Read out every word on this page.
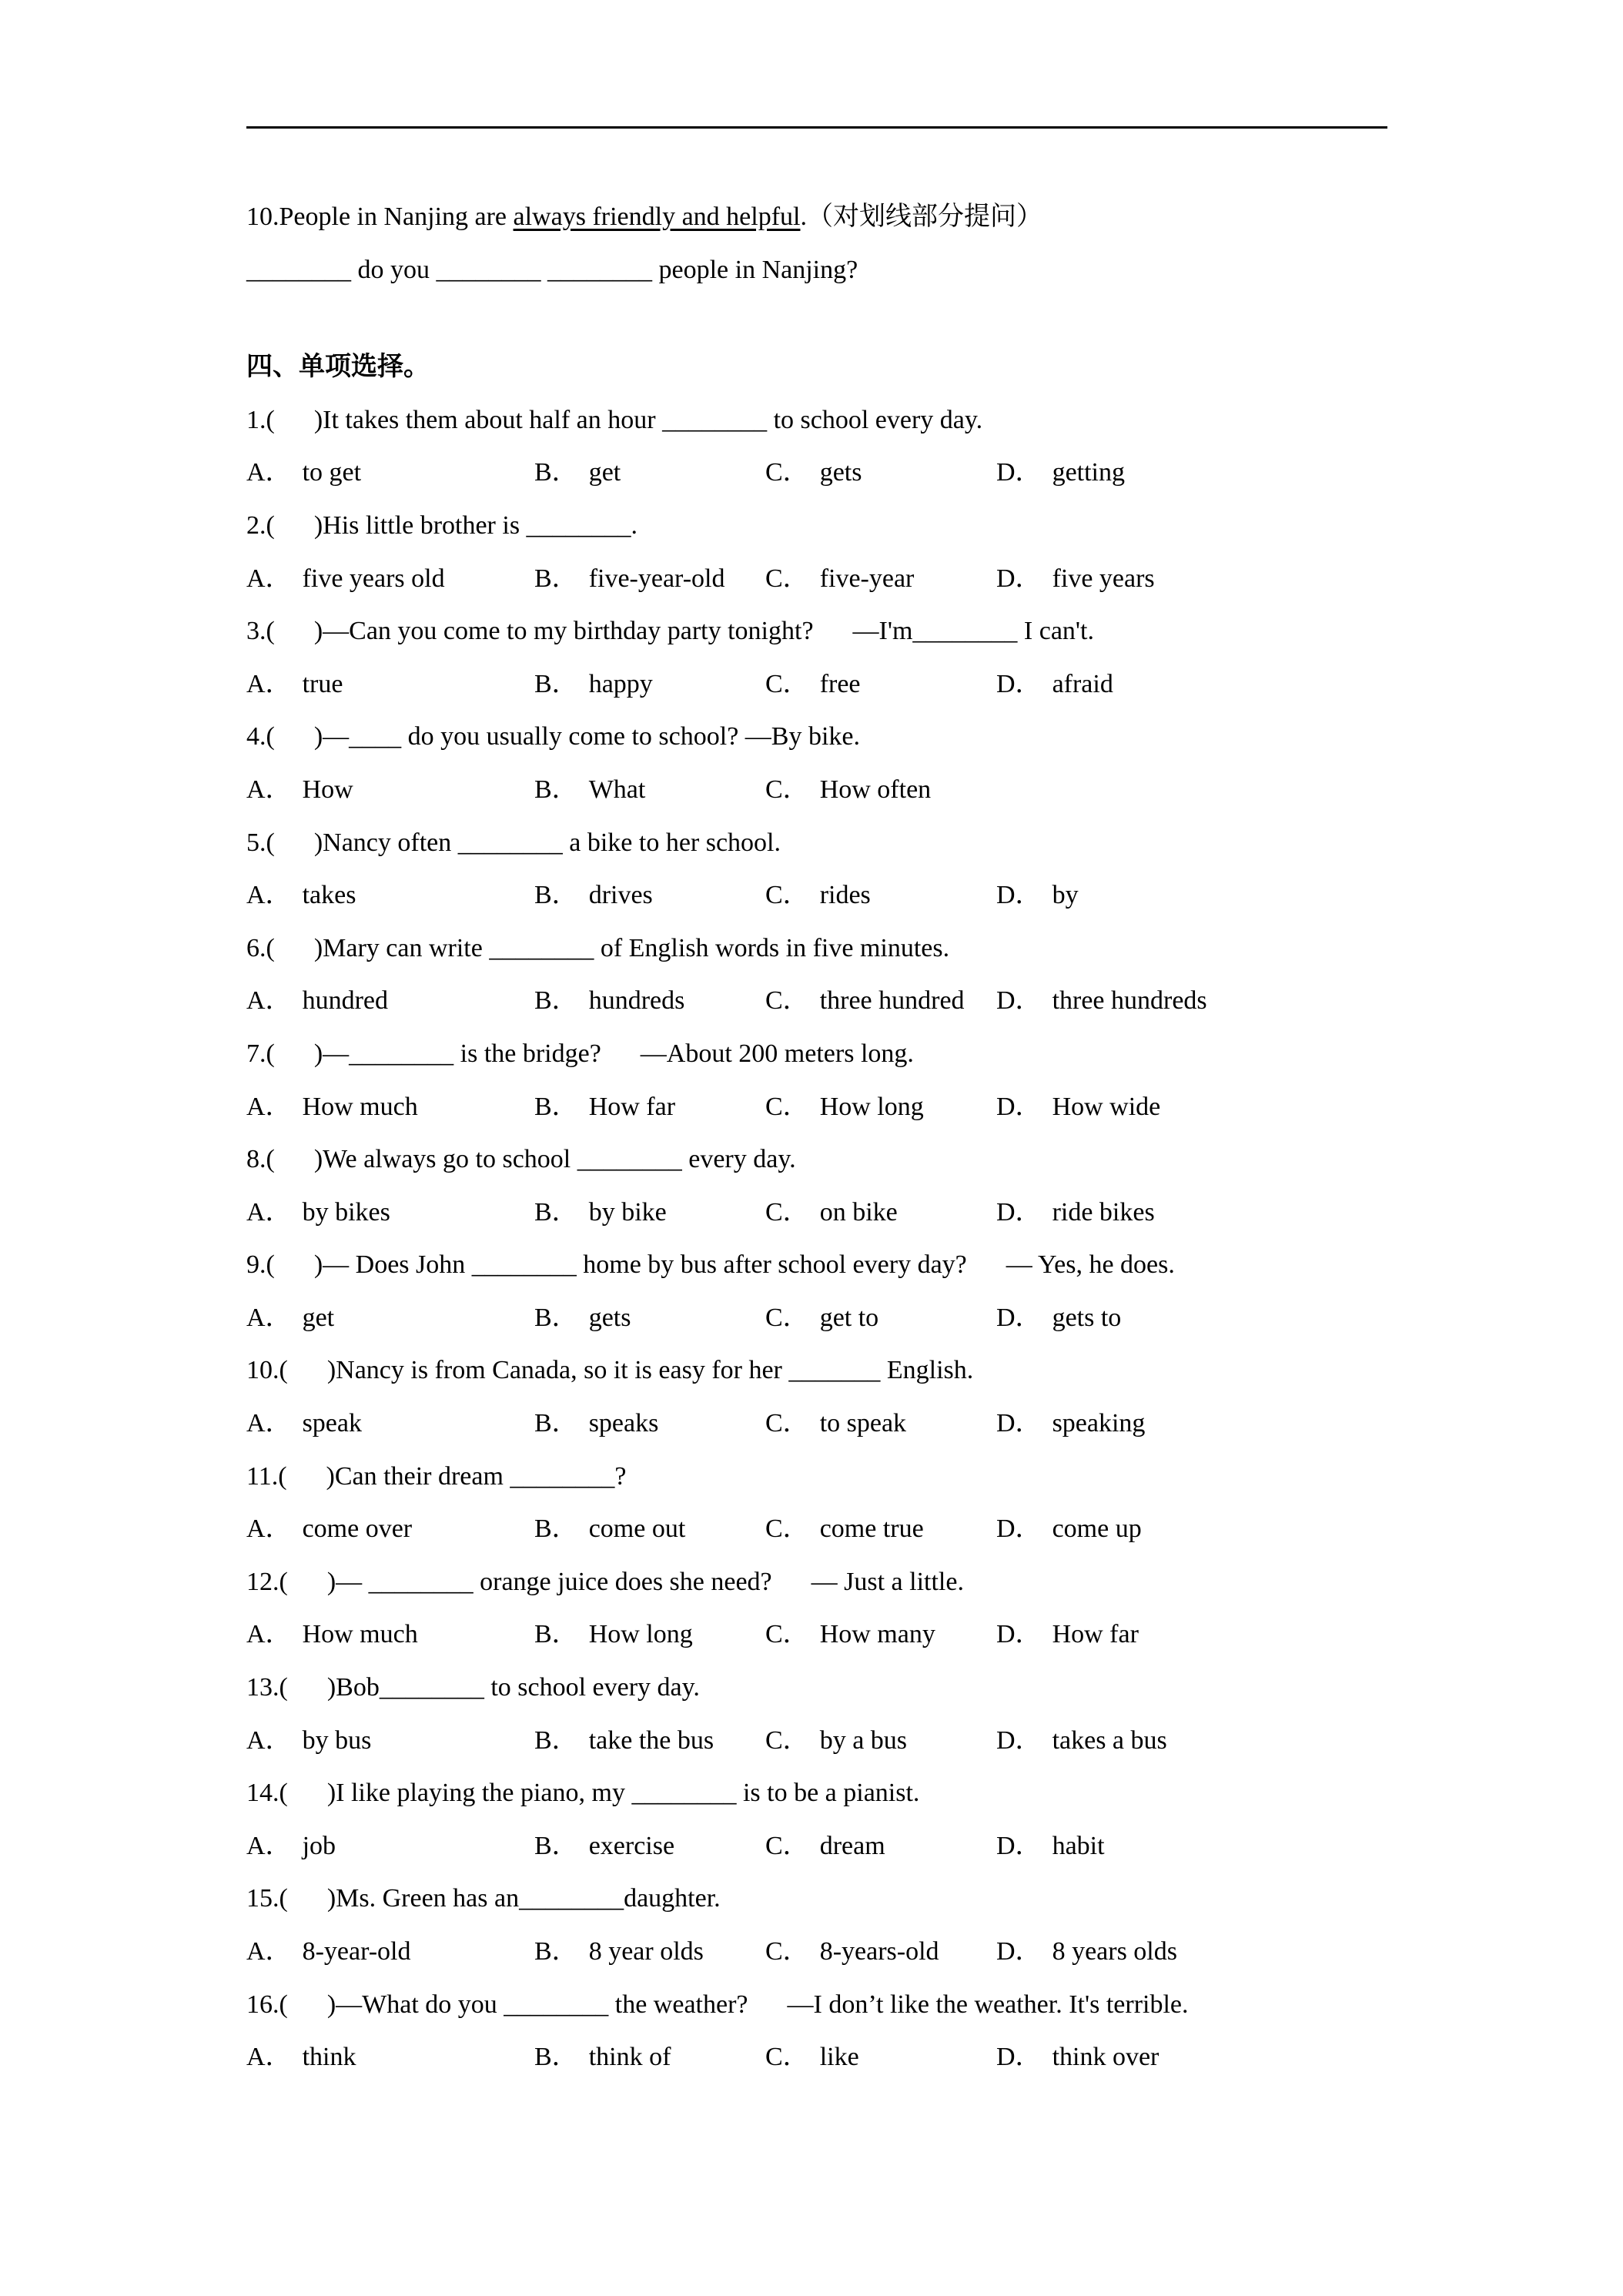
10.People in Nanjing are always friendly and helpful.（对划线部分提问）
________ do you ________ ________ people in Nanjing?
四、单项选择。
1.(      )It takes them about half an hour ________ to school every day.
A． to get	B． get	C． gets	D． getting
2.(      )His little brother is ________.
A． five years old	B． five-year-old C． five-year	D． five years
3.(      )—Can you come to my birthday party tonight?      —I'm________ I can't.
A． true	B． happy	C． free	D． afraid
4.(      )—____ do you usually come to school? —By bike.
A． How	B． What	C． How often
5.(      )Nancy often ________ a bike to her school.
A． takes	B． drives	C． rides	D． by
6.(      )Mary can write ________ of English words in five minutes.
A． hundred	B． hundreds	C． three hundred D． three hundreds
7.(      )—________ is the bridge?      —About 200 meters long.
A． How much	B． How far	C． How long	D． How wide
8.(      )We always go to school ________ every day.
A． by bikes	B． by bike	C． on bike	D． ride bikes
9.(      )— Does John ________ home by bus after school every day?      — Yes, he does.
A． get	B． gets	C． get to	D． gets to
10.(      )Nancy is from Canada, so it is easy for her _______ English.
A． speak	B． speaks	C． to speak	D． speaking
11.(      )Can their dream ________?
A． come over	B． come out	C． come true	D． come up
12.(      )— ________ orange juice does she need?      — Just a little.
A． How much	B． How long	C． How many D． How far
13.(      )Bob________ to school every day.
A． by bus	B． take the bus C． by a bus	D． takes a bus
14.(      )I like playing the piano, my ________ is to be a pianist.
A． job	B． exercise	C． dream	D． habit
15.(      )Ms. Green has an________daughter.
A． 8-year-old	B． 8 year olds C． 8-years-old D． 8 years olds
16.(      )—What do you ________ the weather?      —I don’t like the weather. It's terrible.
A． think	B． think of	C． like	D． think over
